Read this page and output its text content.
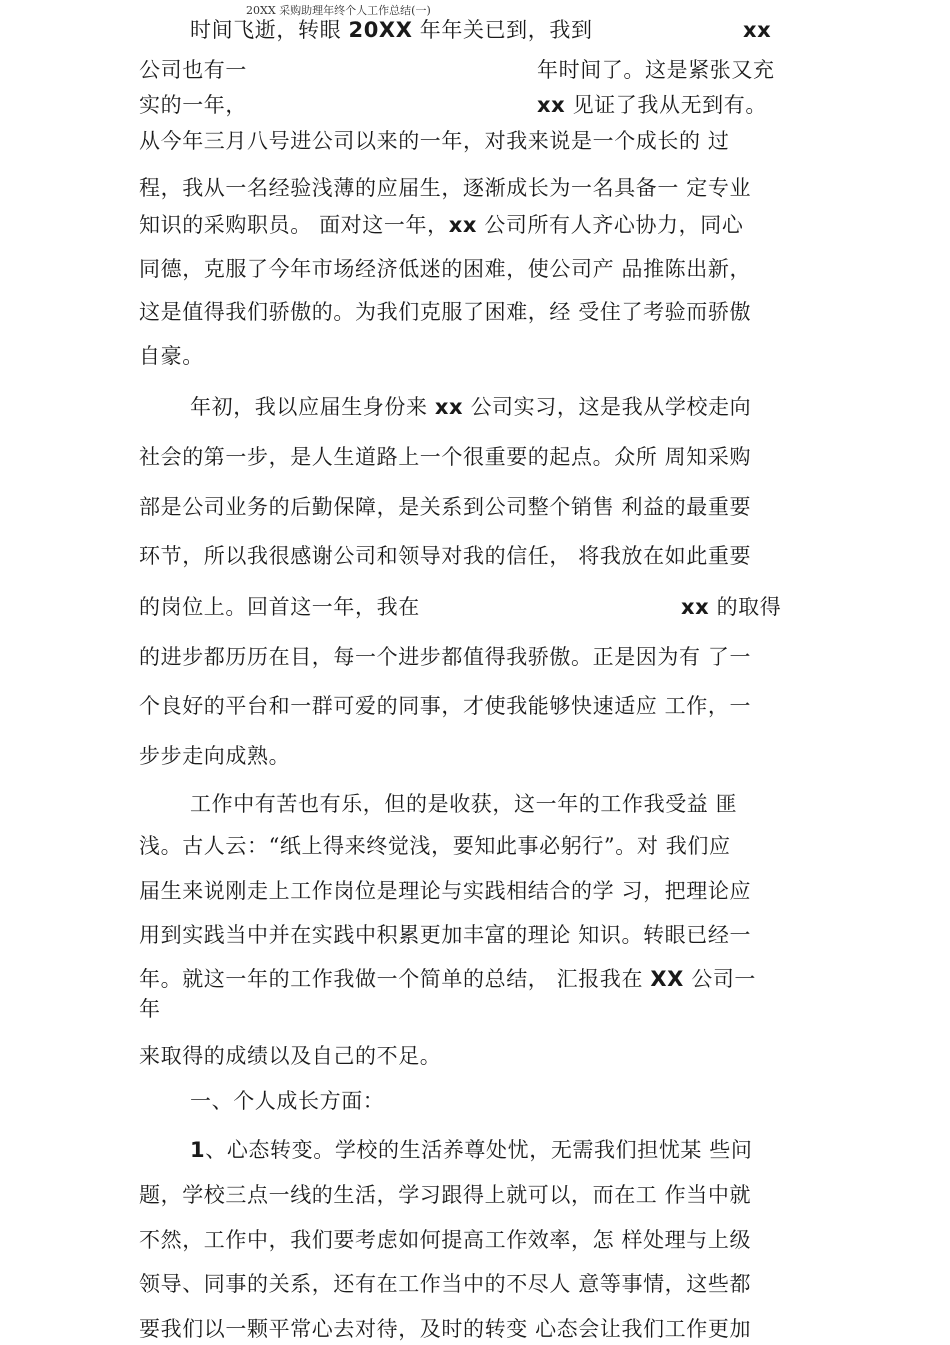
20XX 采购助理年终个人工作总结(一)
时间飞逝，转眼 20XX 年年关已到，我到	xx
公司也有一	年时间了。这是紧张又充
实的一年，	xx 见证了我从无到有。
从今年三月八号进公司以来的一年，对我来说是一个成长的 过
程，我从一名经验浅薄的应届生，逐渐成长为一名具备一 定专业
知识的采购职员。 面对这一年，xx 公司所有人齐心协力，同心
同德，克服了今年市场经济低迷的困难，使公司产 品推陈出新，
这是值得我们骄傲的。为我们克服了困难，经 受住了考验而骄傲
自豪。
年初，我以应届生身份来 xx 公司实习，这是我从学校走向
社会的第一步，是人生道路上一个很重要的起点。众所 周知采购
部是公司业务的后勤保障，是关系到公司整个销售 利益的最重要
环节，所以我很感谢公司和领导对我的信任， 将我放在如此重要
的岗位上。回首这一年，我在	xx 的取得
的进步都历历在目，每一个进步都值得我骄傲。正是因为有 了一
个良好的平台和一群可爱的同事，才使我能够快速适应 工作，一
步步走向成熟。
工作中有苦也有乐，但的是收获，这一年的工作我受益 匪
浅。古人云：“纸上得来终觉浅，要知此事必躬行”。对 我们应
届生来说刚走上工作岗位是理论与实践相结合的学 习，把理论应
用到实践当中并在实践中积累更加丰富的理论 知识。转眼已经一
年。就这一年的工作我做一个简单的总结， 汇报我在 XX 公司一
年
来取得的成绩以及自己的不足。
一、个人成长方面：
1、心态转变。学校的生活养尊处忧，无需我们担忧某 些问
题，学校三点一线的生活，学习跟得上就可以，而在工 作当中就
不然，工作中，我们要考虑如何提高工作效率，怎 样处理与上级
领导、同事的关系，还有在工作当中的不尽人 意等事情，这些都
要我们以一颗平常心去对待，及时的转变 心态会让我们工作更加
